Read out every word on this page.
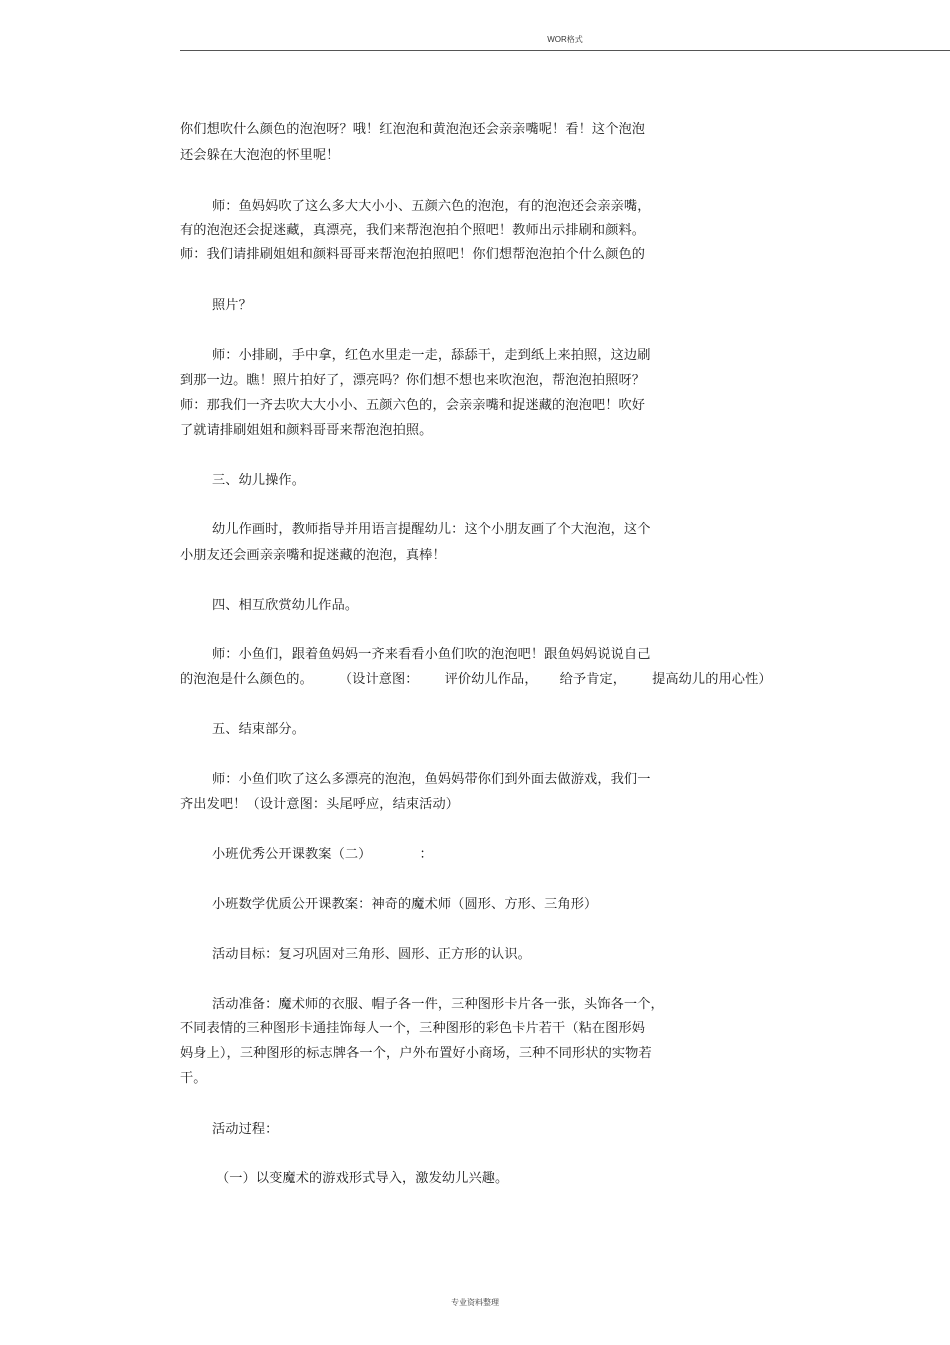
WOR格式
你们想吹什么颜色的泡泡呀？哦！红泡泡和黄泡泡还会亲亲嘴呢！看！这个泡泡
还会躲在大泡泡的怀里呢！
师：鱼妈妈吹了这么多大大小小、五颜六色的泡泡，有的泡泡还会亲亲嘴，
有的泡泡还会捉迷藏，真漂亮，我们来帮泡泡拍个照吧！教师出示排刷和颜料。
师：我们请排刷姐姐和颜料哥哥来帮泡泡拍照吧！你们想帮泡泡拍个什么颜色的
照片？
师：小排刷，手中拿，红色水里走一走，舔舔干，走到纸上来拍照，这边刷
到那一边。瞧！照片拍好了，漂亮吗？你们想不想也来吹泡泡，帮泡泡拍照呀？
师：那我们一齐去吹大大小小、五颜六色的，会亲亲嘴和捉迷藏的泡泡吧！吹好
了就请排刷姐姐和颜料哥哥来帮泡泡拍照。
三、幼儿操作。
幼儿作画时，教师指导并用语言提醒幼儿：这个小朋友画了个大泡泡，这个
小朋友还会画亲亲嘴和捉迷藏的泡泡，真棒！
四、相互欣赏幼儿作品。
师：小鱼们，跟着鱼妈妈一齐来看看小鱼们吹的泡泡吧！跟鱼妈妈说说自己
的泡泡是什么颜色的。 （设计意图： 评价幼儿作品， 给予肯定， 提高幼儿的用心性）
五、结束部分。
师：小鱼们吹了这么多漂亮的泡泡，鱼妈妈带你们到外面去做游戏，我们一
齐出发吧！（设计意图：头尾呼应，结束活动）
小班优秀公开课教案（二）	：
小班数学优质公开课教案：神奇的魔术师（圆形、方形、三角形）
活动目标：复习巩固对三角形、圆形、正方形的认识。
活动准备：魔术师的衣服、帽子各一件，三种图形卡片各一张，头饰各一个，
不同表情的三种图形卡通挂饰每人一个，三种图形的彩色卡片若干（粘在图形妈
妈身上），三种图形的标志牌各一个，户外布置好小商场，三种不同形状的实物若
干。
活动过程：
（一）以变魔术的游戏形式导入，激发幼儿兴趣。
专业资料整理
